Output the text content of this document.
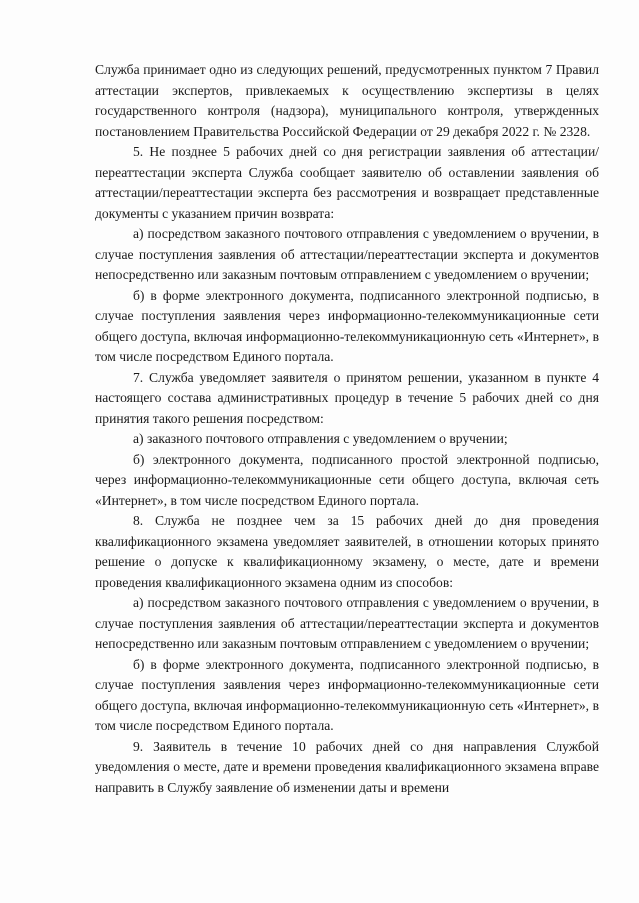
Служба принимает одно из следующих решений, предусмотренных пунктом 7 Правил аттестации экспертов, привлекаемых к осуществлению экспертизы в целях государственного контроля (надзора), муниципального контроля, утвержденных постановлением Правительства Российской Федерации от 29 декабря 2022 г. № 2328.

5. Не позднее 5 рабочих дней со дня регистрации заявления об аттестации/переаттестации эксперта Служба сообщает заявителю об оставлении заявления об аттестации/переаттестации эксперта без рассмотрения и возвращает представленные документы с указанием причин возврата:

а) посредством заказного почтового отправления с уведомлением о вручении, в случае поступления заявления об аттестации/переаттестации эксперта и документов непосредственно или заказным почтовым отправлением с уведомлением о вручении;

б) в форме электронного документа, подписанного электронной подписью, в случае поступления заявления через информационно-телекоммуникационные сети общего доступа, включая информационно-телекоммуникационную сеть «Интернет», в том числе посредством Единого портала.

7. Служба уведомляет заявителя о принятом решении, указанном в пункте 4 настоящего состава административных процедур в течение 5 рабочих дней со дня принятия такого решения посредством:

а) заказного почтового отправления с уведомлением о вручении;

б) электронного документа, подписанного простой электронной подписью, через информационно-телекоммуникационные сети общего доступа, включая сеть «Интернет», в том числе посредством Единого портала.

8. Служба не позднее чем за 15 рабочих дней до дня проведения квалификационного экзамена уведомляет заявителей, в отношении которых принято решение о допуске к квалификационному экзамену, о месте, дате и времени проведения квалификационного экзамена одним из способов:

а) посредством заказного почтового отправления с уведомлением о вручении, в случае поступления заявления об аттестации/переаттестации эксперта и документов непосредственно или заказным почтовым отправлением с уведомлением о вручении;

б) в форме электронного документа, подписанного электронной подписью, в случае поступления заявления через информационно-телекоммуникационные сети общего доступа, включая информационно-телекоммуникационную сеть «Интернет», в том числе посредством Единого портала.

9. Заявитель в течение 10 рабочих дней со дня направления Службой уведомления о месте, дате и времени проведения квалификационного экзамена вправе направить в Службу заявление об изменении даты и времени
